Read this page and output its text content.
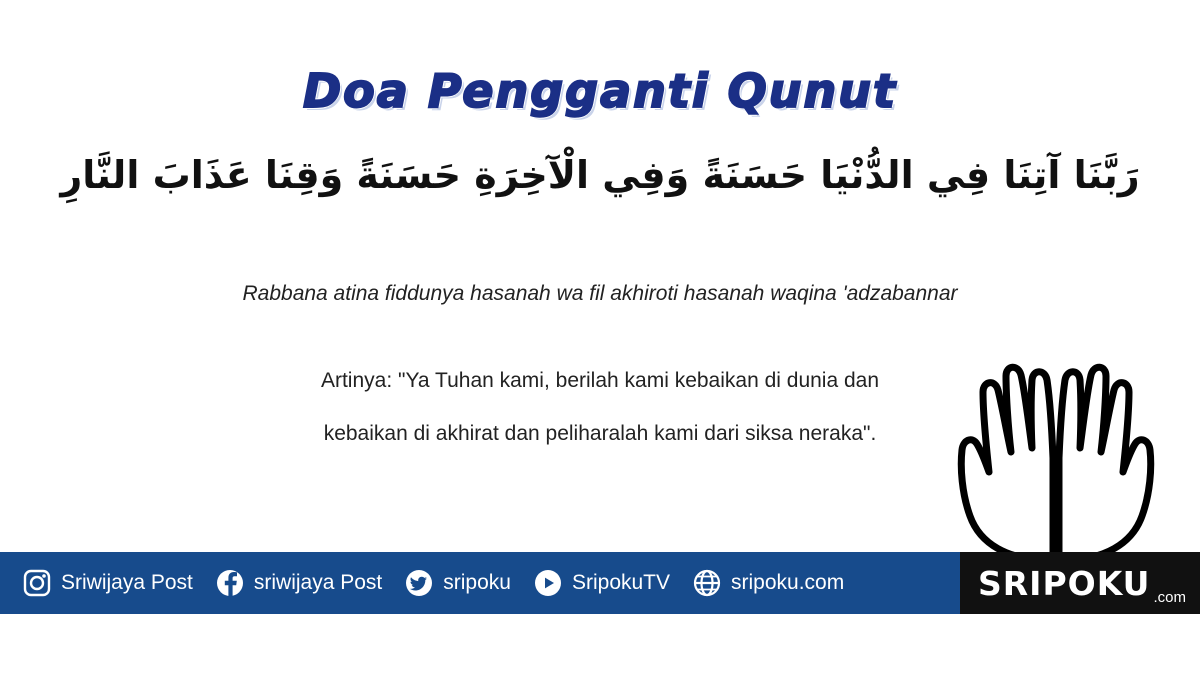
Doa Pengganti Qunut
رَبَّنَا آتِنَا فِي الدُّنْيَا حَسَنَةً وَفِي الْآخِرَةِ حَسَنَةً وَقِنَا عَذَابَ النَّارِ
Rabbana atina fiddunya hasanah wa fil akhiroti hasanah waqina 'adzabannar
Artinya: "Ya Tuhan kami, berilah kami kebaikan di dunia dan
kebaikan di akhirat dan peliharalah kami dari siksa neraka".
Sriwijaya Post	sriwijaya Post	sripoku	SripokuTV	sripoku.com	SRIPOKU .com
